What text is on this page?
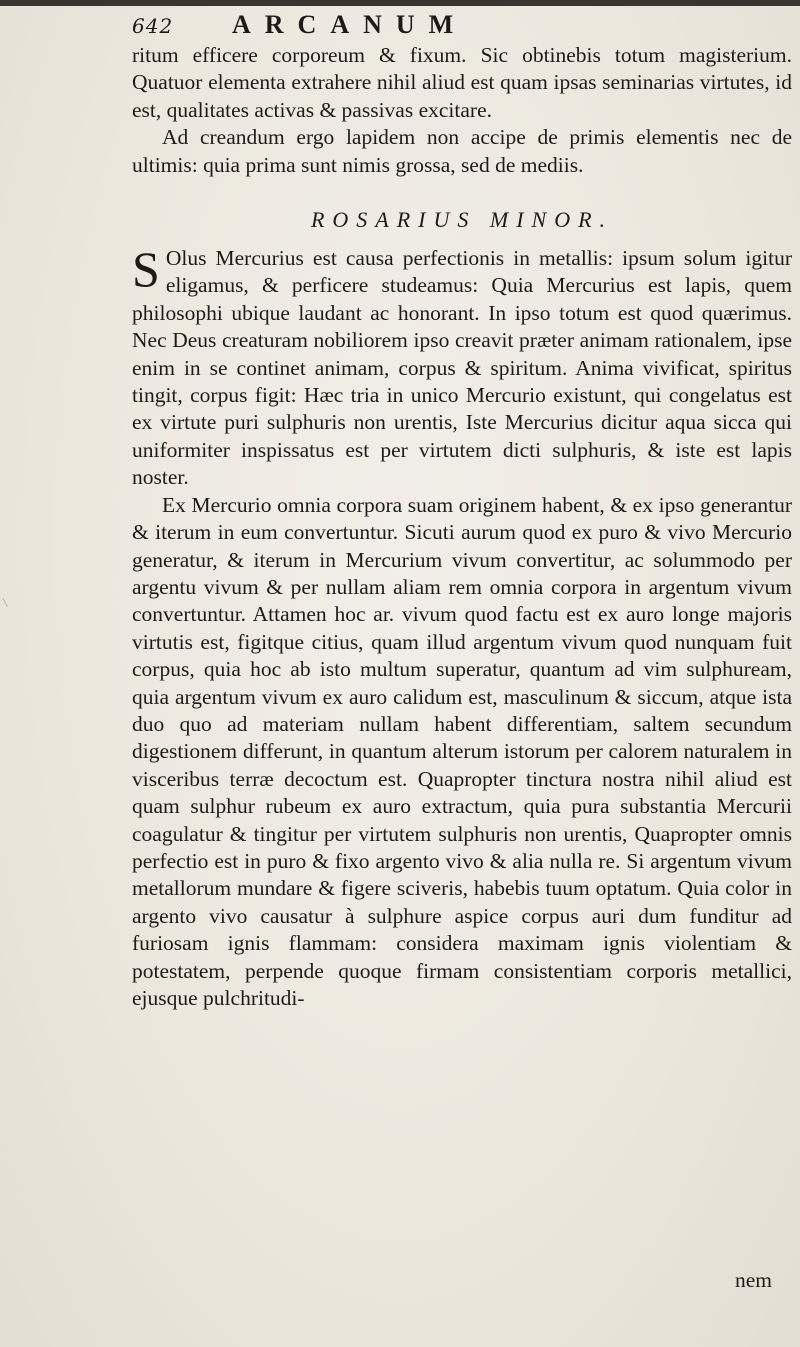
642 ARCANUM

ritum efficere corporeum & fixum. Sic obtinebis totum magisterium. Quatuor elementa extrahere nihil aliud est quam ipsas seminarias virtutes, id est, qualitates activas & passivas excitare.

Ad creandum ergo lapidem non accipe de primis elementis nec de ultimis: quia prima sunt nimis grossa, sed de mediis.

ROSARIUS MINOR.

S Olus Mercurius est causa perfectionis in metallis: ipsum solum igitur eligamus, & perficere studeamus: Quia Mercurius est lapis, quem philosophi ubique laudant ac honorant. In ipso totum est quod quærimus. Nec Deus creaturam nobiliorem ipso creavit præter animam rationalem, ipse enim in se continet animam, corpus & spiritum. Anima vivificat, spiritus tingit, corpus figit: Hæc tria in unico Mercurio existunt, qui congelatus est ex virtute puri sulphuris non urentis, Iste Mercurius dicitur aqua sicca qui uniformiter inspissatus est per virtutem dicti sulphuris, & iste est lapis noster.

Ex Mercurio omnia corpora suam originem habent, & ex ipso generantur & iterum in eum convertuntur. Sicuti aurum quod ex puro & vivo Mercurio generatur, & iterum in Mercurium vivum convertitur, ac solummodo per argentu vivum & per nullam aliam rem omnia corpora in argentum vivum convertuntur. Attamen hoc ar. vivum quod factu est ex auro longe majoris virtutis est, figitque citius, quam illud argentum vivum quod nunquam fuit corpus, quia hoc ab isto multum superatur, quantum ad vim sulphuream, quia argentum vivum ex auro calidum est, masculinum & siccum, atque ista duo quo ad materiam nullam habent differentiam, saltem secundum digestionem differunt, in quantum alterum istorum per calorem naturalem in visceribus terræ decoctum est. Quapropter tinctura nostra nihil aliud est quam sulphur rubeum ex auro extractum, quia pura substantia Mercurii coagulatur & tingitur per virtutem sulphuris non urentis, Quapropter omnis perfectio est in puro & fixo argento vivo & alia nulla re. Si argentum vivum metallorum mundare & figere sciveris, habebis tuum optatum. Quia color in argento vivo causatur à sulphure aspice corpus auri dum funditur ad furiosam ignis flammam: considera maximam ignis violentiam & potestatem, perpende quoque firmam consistentiam corporis metallici, ejusque pulchritudi-

nem
